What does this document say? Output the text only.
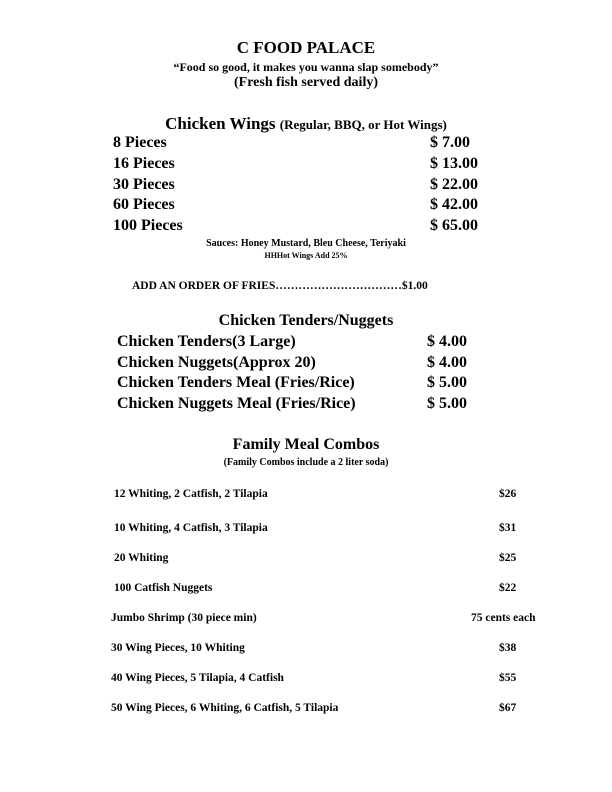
C FOOD PALACE
“Food so good, it makes you wanna slap somebody”
(Fresh fish served daily)
Chicken Wings (Regular, BBQ, or Hot Wings)
8 Pieces	$ 7.00
16 Pieces	$ 13.00
30 Pieces	$ 22.00
60 Pieces	$ 42.00
100 Pieces	$ 65.00
Sauces: Honey Mustard, Bleu Cheese, Teriyaki
HHHot Wings Add 25%
ADD AN ORDER OF FRIES……………………………$1.00
Chicken Tenders/Nuggets
Chicken Tenders(3 Large)	$ 4.00
Chicken Nuggets(Approx 20)	$ 4.00
Chicken Tenders Meal (Fries/Rice)	$ 5.00
Chicken Nuggets Meal (Fries/Rice)	$ 5.00
Family Meal Combos
(Family Combos include a 2 liter soda)
12 Whiting, 2 Catfish, 2 Tilapia	$26
10 Whiting, 4 Catfish, 3 Tilapia	$31
20 Whiting	$25
100 Catfish Nuggets	$22
Jumbo Shrimp (30 piece min)	75 cents each
30 Wing Pieces, 10 Whiting	$38
40 Wing Pieces, 5 Tilapia, 4 Catfish	$55
50 Wing Pieces, 6 Whiting, 6 Catfish, 5 Tilapia	$67
